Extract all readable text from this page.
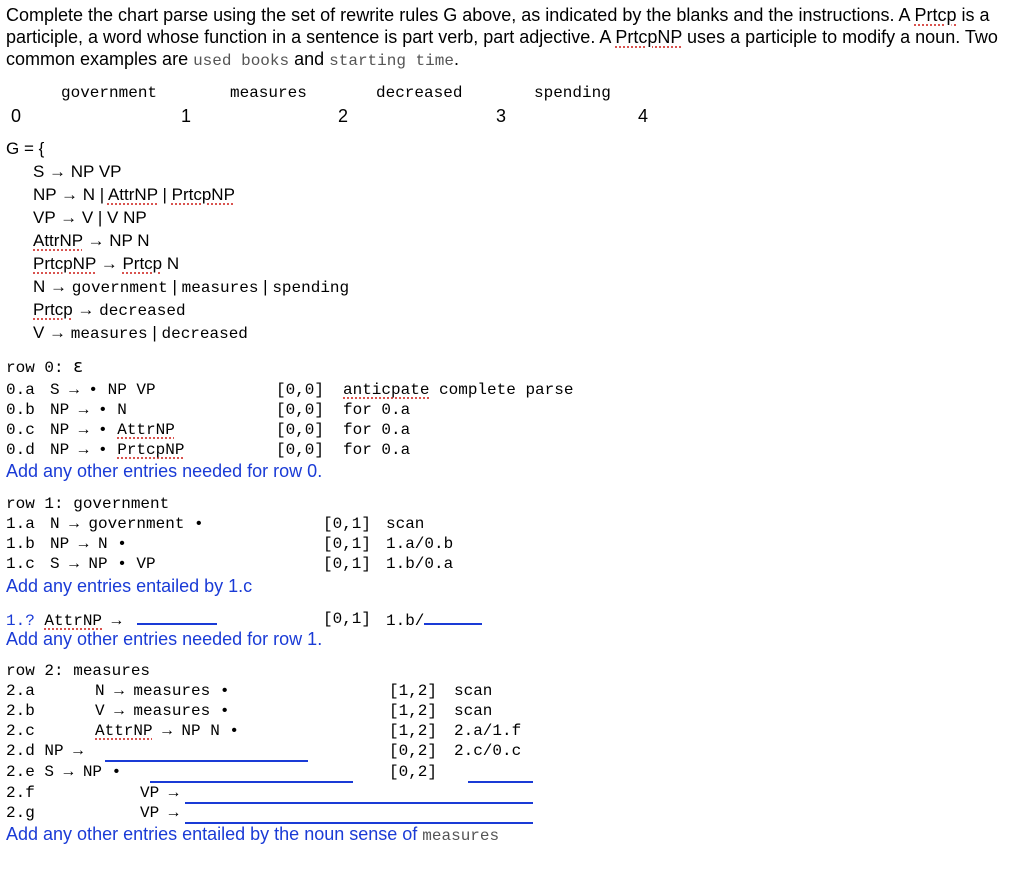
Complete the chart parse using the set of rewrite rules G above, as indicated by the blanks and the instructions. A Prtcp is a participle, a word whose function in a sentence is part verb, part adjective. A PrtcpNP uses a participle to modify a noun. Two common examples are used books and starting time.
government	measures	decreased	spending
0	1	2	3	4
G = {
S → NP VP
NP → N | AttrNP | PrtcpNP
VP → V | V NP
AttrNP → NP N
PrtcpNP → Prtcp N
N → government | measures | spending
Prtcp → decreased
V → measures | decreased
row 0: ε
0.a S → • NP VP	[0,0] anticpate complete parse
0.b NP → • N	[0,0] for 0.a
0.c NP → • AttrNP	[0,0] for 0.a
0.d NP → • PrtcpNP	[0,0] for 0.a
Add any other entries needed for row 0.
row 1: government
1.a N → government •	[0,1] scan
1.b NP → N •	[0,1] 1.a/0.b
1.c S → NP • VP	[0,1] 1.b/0.a
Add any entries entailed by 1.c
1.? AttrNP →	[0,1] 1.b/
Add any other entries needed for row 1.
row 2: measures
2.a	N → measures •	[1,2] scan
2.b	V → measures •	[1,2] scan
2.c	AttrNP → NP N •	[1,2] 2.a/1.f
2.d NP →	[0,2] 2.c/0.c
2.e S → NP •	[0,2]
2.f	VP →
2.g	VP →
Add any other entries entailed by the noun sense of measures
